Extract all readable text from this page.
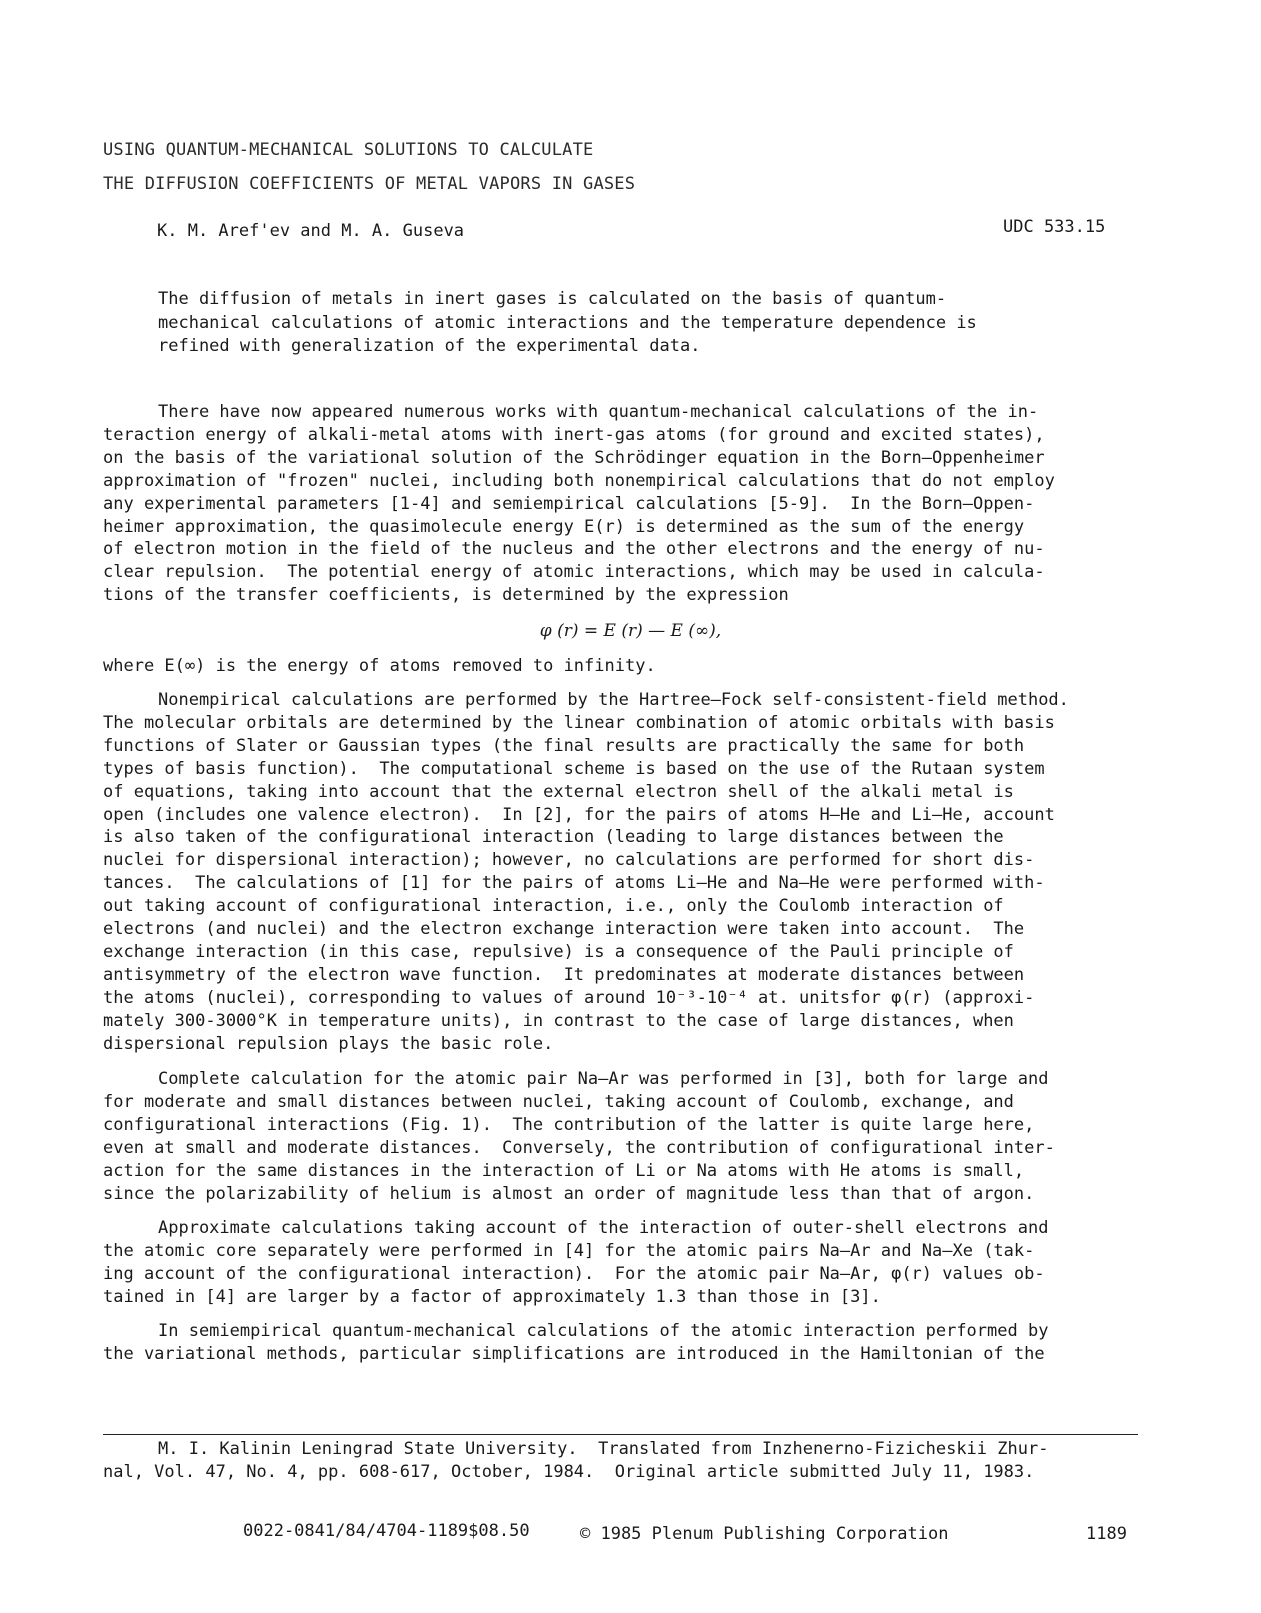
USING QUANTUM-MECHANICAL SOLUTIONS TO CALCULATE
THE DIFFUSION COEFFICIENTS OF METAL VAPORS IN GASES
K. M. Aref'ev and M. A. Guseva	UDC 533.15
The diffusion of metals in inert gases is calculated on the basis of quantum-
mechanical calculations of atomic interactions and the temperature dependence is
refined with generalization of the experimental data.
There have now appeared numerous works with quantum-mechanical calculations of the in-
teraction energy of alkali-metal atoms with inert-gas atoms (for ground and excited states),
on the basis of the variational solution of the Schrödinger equation in the Born—Oppenheimer
approximation of "frozen" nuclei, including both nonempirical calculations that do not employ
any experimental parameters [1-4] and semiempirical calculations [5-9].  In the Born—Oppen-
heimer approximation, the quasimolecule energy E(r) is determined as the sum of the energy
of electron motion in the field of the nucleus and the other electrons and the energy of nu-
clear repulsion.  The potential energy of atomic interactions, which may be used in calcula-
tions of the transfer coefficients, is determined by the expression
φ (r) = E (r) — E (∞),
where E(∞) is the energy of atoms removed to infinity.
Nonempirical calculations are performed by the Hartree—Fock self-consistent-field method.
The molecular orbitals are determined by the linear combination of atomic orbitals with basis
functions of Slater or Gaussian types (the final results are practically the same for both
types of basis function).  The computational scheme is based on the use of the Rutaan system
of equations, taking into account that the external electron shell of the alkali metal is
open (includes one valence electron).  In [2], for the pairs of atoms H—He and Li—He, account
is also taken of the configurational interaction (leading to large distances between the
nuclei for dispersional interaction); however, no calculations are performed for short dis-
tances.  The calculations of [1] for the pairs of atoms Li—He and Na—He were performed with-
out taking account of configurational interaction, i.e., only the Coulomb interaction of
electrons (and nuclei) and the electron exchange interaction were taken into account.  The
exchange interaction (in this case, repulsive) is a consequence of the Pauli principle of
antisymmetry of the electron wave function.  It predominates at moderate distances between
the atoms (nuclei), corresponding to values of around 10⁻³-10⁻⁴ at. unitsfor φ(r) (approxi-
mately 300-3000°K in temperature units), in contrast to the case of large distances, when
dispersional repulsion plays the basic role.
Complete calculation for the atomic pair Na—Ar was performed in [3], both for large and
for moderate and small distances between nuclei, taking account of Coulomb, exchange, and
configurational interactions (Fig. 1).  The contribution of the latter is quite large here,
even at small and moderate distances.  Conversely, the contribution of configurational inter-
action for the same distances in the interaction of Li or Na atoms with He atoms is small,
since the polarizability of helium is almost an order of magnitude less than that of argon.
Approximate calculations taking account of the interaction of outer-shell electrons and
the atomic core separately were performed in [4] for the atomic pairs Na—Ar and Na—Xe (tak-
ing account of the configurational interaction).  For the atomic pair Na—Ar, φ(r) values ob-
tained in [4] are larger by a factor of approximately 1.3 than those in [3].
In semiempirical quantum-mechanical calculations of the atomic interaction performed by
the variational methods, particular simplifications are introduced in the Hamiltonian of the
M. I. Kalinin Leningrad State University.  Translated from Inzhenerno-Fizicheskii Zhur-
nal, Vol. 47, No. 4, pp. 608-617, October, 1984.  Original article submitted July 11, 1983.
0022-0841/84/4704-1189$08.50	© 1985 Plenum Publishing Corporation	1189
